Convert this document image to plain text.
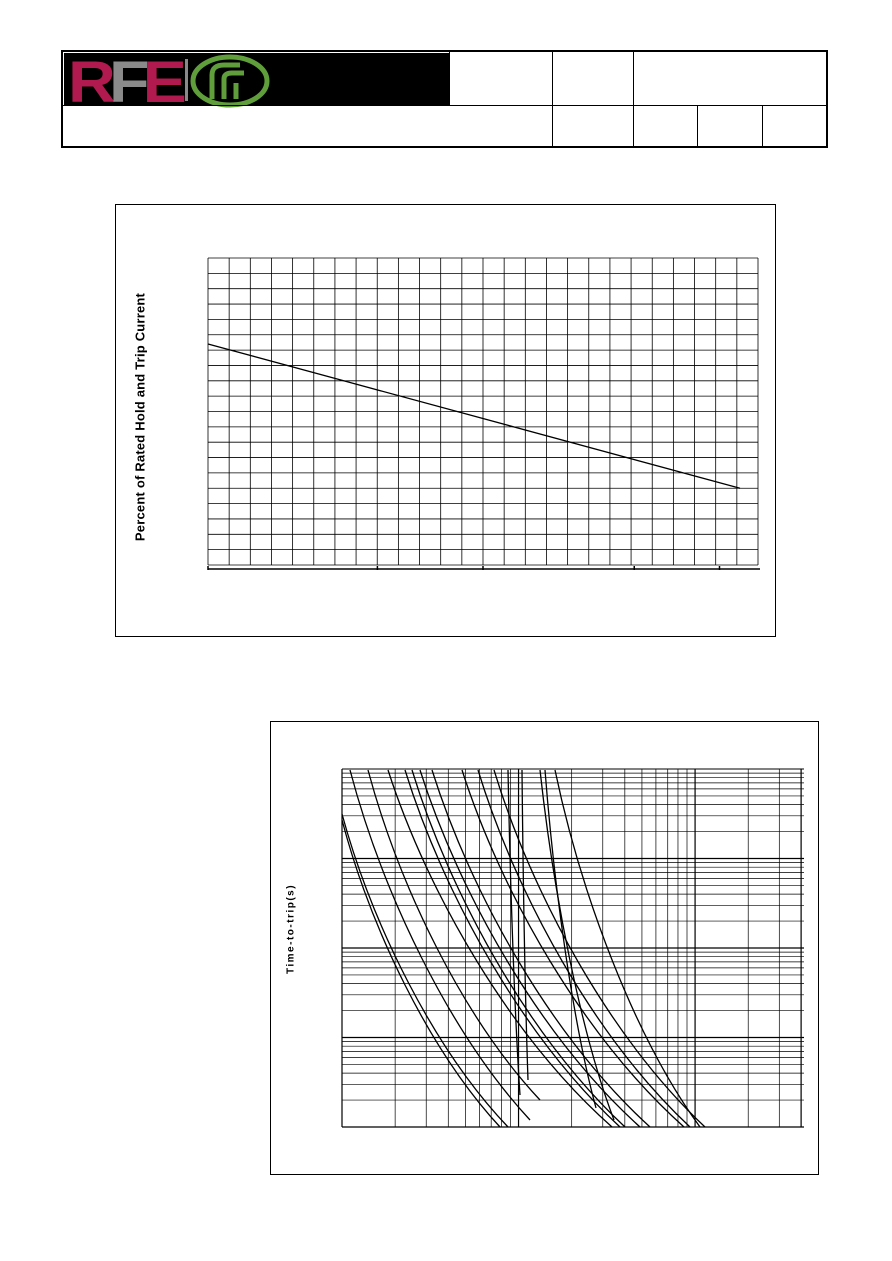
RFE
Percent of Rated Hold and Trip Current
Time-to-trip(s)
